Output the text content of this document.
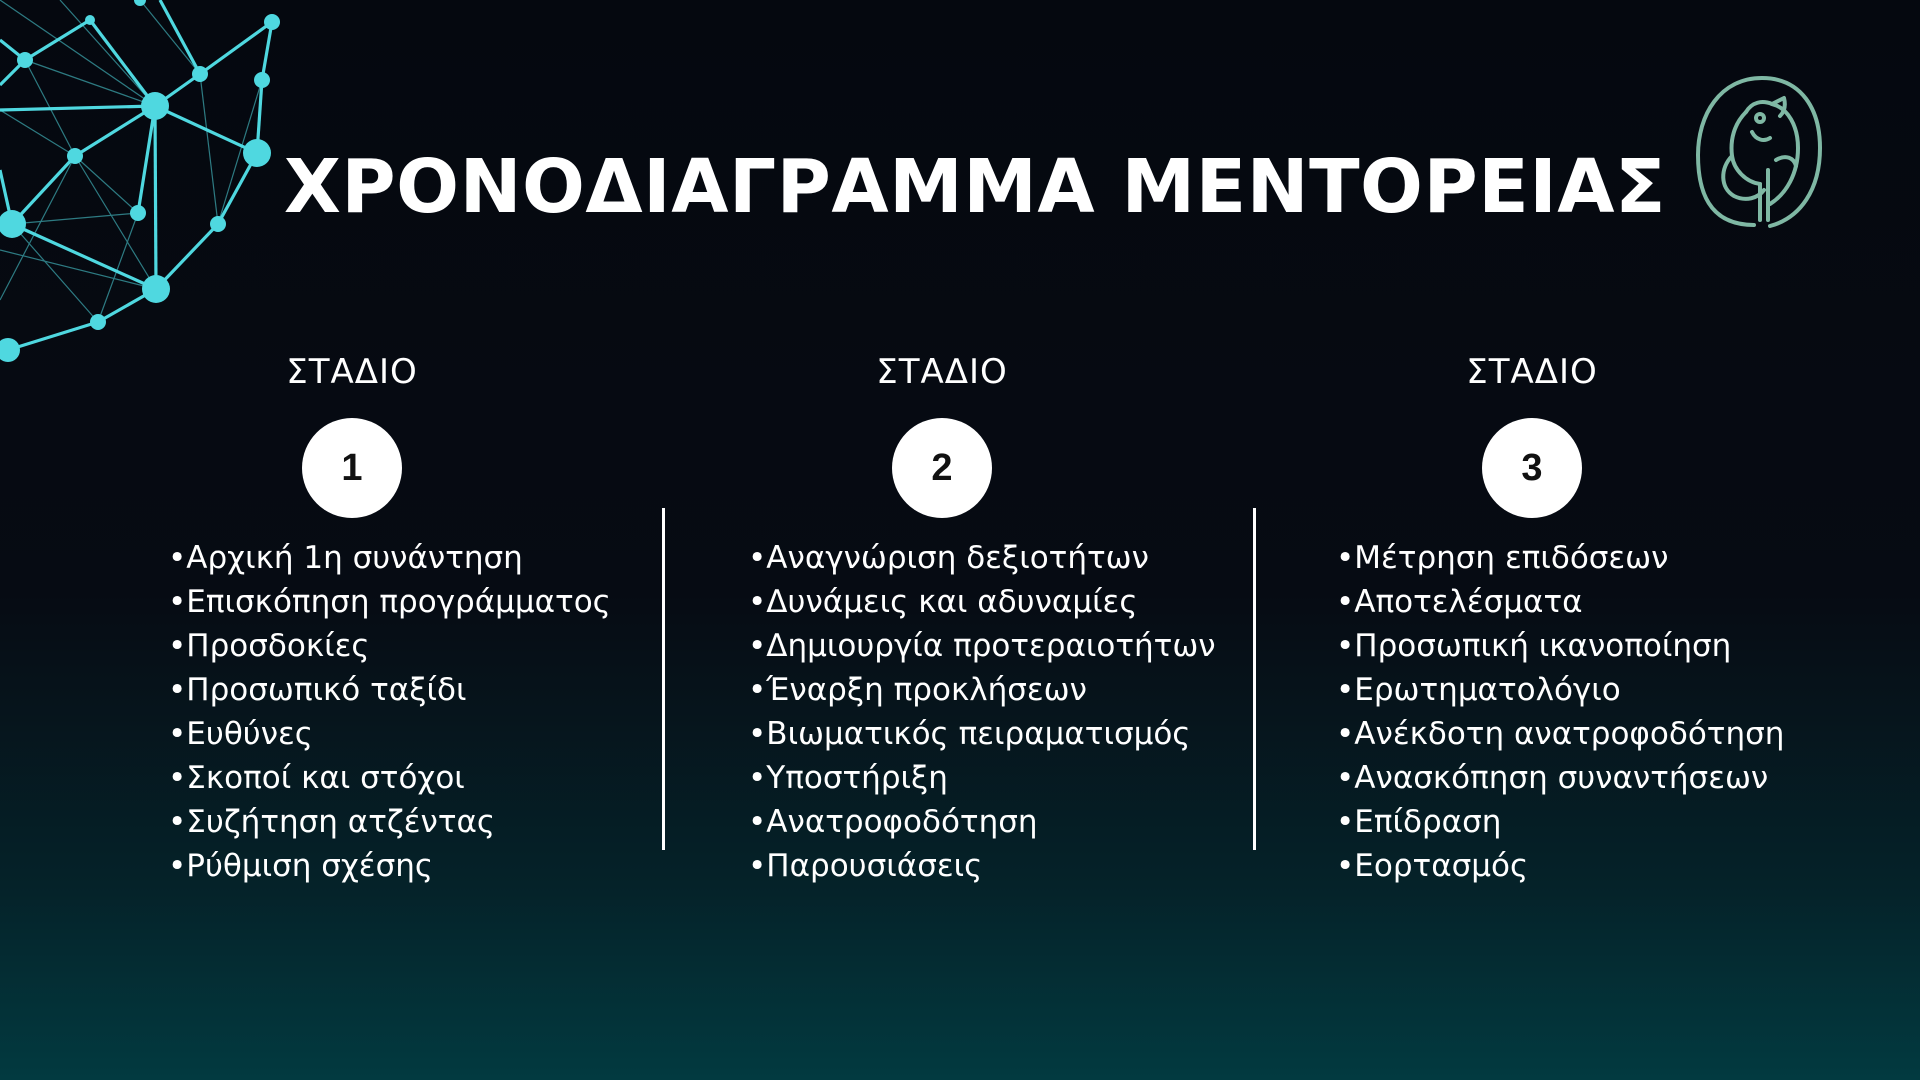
ΧΡΟΝΟΔΙΑΓΡΑΜΜΑ ΜΕΝΤΟΡΕΙΑΣ
ΣΤΑΔΙΟ
1
• Αρχική 1η συνάντηση
• Επισκόπηση προγράμματος
• Προσδοκίες
• Προσωπικό ταξίδι
• Ευθύνες
• Σκοποί και στόχοι
• Συζήτηση ατζέντας
• Ρύθμιση σχέσης
ΣΤΑΔΙΟ
2
• Αναγνώριση δεξιοτήτων
• Δυνάμεις και αδυναμίες
• Δημιουργία προτεραιοτήτων
• Έναρξη προκλήσεων
• Βιωματικός πειραματισμός
• Υποστήριξη
• Ανατροφοδότηση
• Παρουσιάσεις
ΣΤΑΔΙΟ
3
• Μέτρηση επιδόσεων
• Αποτελέσματα
• Προσωπική ικανοποίηση
• Ερωτηματολόγιο
• Ανέκδοτη ανατροφοδότηση
• Ανασκόπηση συναντήσεων
• Επίδραση
• Εορτασμός
